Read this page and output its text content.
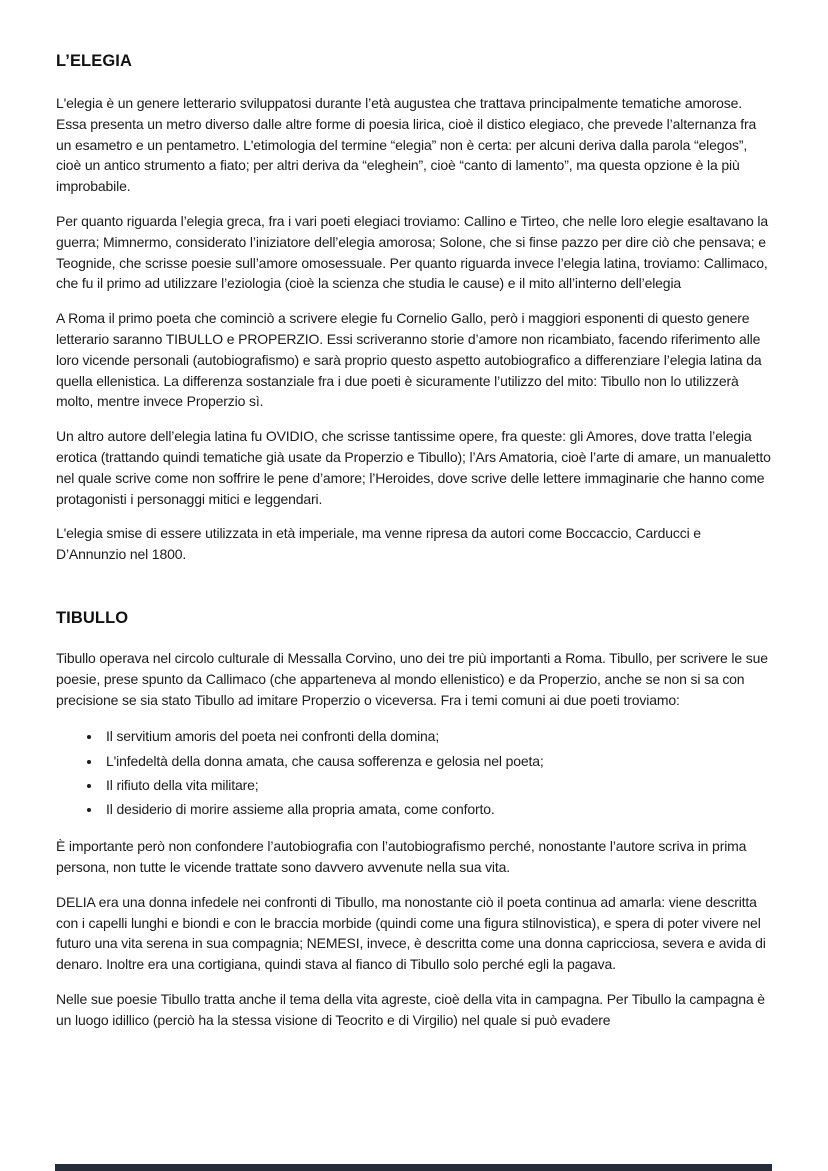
L’ELEGIA

L'elegia è un genere letterario sviluppatosi durante l’età augustea che trattava principalmente tematiche amorose. Essa presenta un metro diverso dalle altre forme di poesia lirica, cioè il distico elegiaco, che prevede l’alternanza fra un esametro e un pentametro. L'etimologia del termine “elegia” non è certa: per alcuni deriva dalla parola “elegos”, cioè un antico strumento a fiato; per altri deriva da “eleghein”, cioè “canto di lamento”, ma questa opzione è la più improbabile.

Per quanto riguarda l’elegia greca, fra i vari poeti elegiaci troviamo: Callino e Tirteo, che nelle loro elegie esaltavano la guerra; Mimnermo, considerato l’iniziatore dell’elegia amorosa; Solone, che si finse pazzo per dire ciò che pensava; e Teognide, che scrisse poesie sull’amore omosessuale. Per quanto riguarda invece l’elegia latina, troviamo: Callimaco, che fu il primo ad utilizzare l’eziologia (cioè la scienza che studia le cause) e il mito all’interno dell’elegia

A Roma il primo poeta che cominciò a scrivere elegie fu Cornelio Gallo, però i maggiori esponenti di questo genere letterario saranno TIBULLO e PROPERZIO. Essi scriveranno storie d’amore non ricambiato, facendo riferimento alle loro vicende personali (autobiografismo) e sarà proprio questo aspetto autobiografico a differenziare l’elegia latina da quella ellenistica. La differenza sostanziale fra i due poeti è sicuramente l’utilizzo del mito: Tibullo non lo utilizzerà molto, mentre invece Properzio sì.

Un altro autore dell’elegia latina fu OVIDIO, che scrisse tantissime opere, fra queste: gli Amores, dove tratta l’elegia erotica (trattando quindi tematiche già usate da Properzio e Tibullo); l’Ars Amatoria, cioè l’arte di amare, un manualetto nel quale scrive come non soffrire le pene d’amore; l’Heroides, dove scrive delle lettere immaginarie che hanno come protagonisti i personaggi mitici e leggendari.

L'elegia smise di essere utilizzata in età imperiale, ma venne ripresa da autori come Boccaccio, Carducci e D’Annunzio nel 1800.

TIBULLO

Tibullo operava nel circolo culturale di Messalla Corvino, uno dei tre più importanti a Roma. Tibullo, per scrivere le sue poesie, prese spunto da Callimaco (che apparteneva al mondo ellenistico) e da Properzio, anche se non si sa con precisione se sia stato Tibullo ad imitare Properzio o viceversa. Fra i temi comuni ai due poeti troviamo:

• Il servitium amoris del poeta nei confronti della domina;
• L'infedeltà della donna amata, che causa sofferenza e gelosia nel poeta;
• Il rifiuto della vita militare;
• Il desiderio di morire assieme alla propria amata, come conforto.

È importante però non confondere l’autobiografia con l’autobiografismo perché, nonostante l’autore scriva in prima persona, non tutte le vicende trattate sono davvero avvenute nella sua vita.

DELIA era una donna infedele nei confronti di Tibullo, ma nonostante ciò il poeta continua ad amarla: viene descritta con i capelli lunghi e biondi e con le braccia morbide (quindi come una figura stilnovistica), e spera di poter vivere nel futuro una vita serena in sua compagnia; NEMESI, invece, è descritta come una donna capricciosa, severa e avida di denaro. Inoltre era una cortigiana, quindi stava al fianco di Tibullo solo perché egli la pagava.

Nelle sue poesie Tibullo tratta anche il tema della vita agreste, cioè della vita in campagna. Per Tibullo la campagna è un luogo idillico (perciò ha la stessa visione di Teocrito e di Virgilio) nel quale si può evadere
